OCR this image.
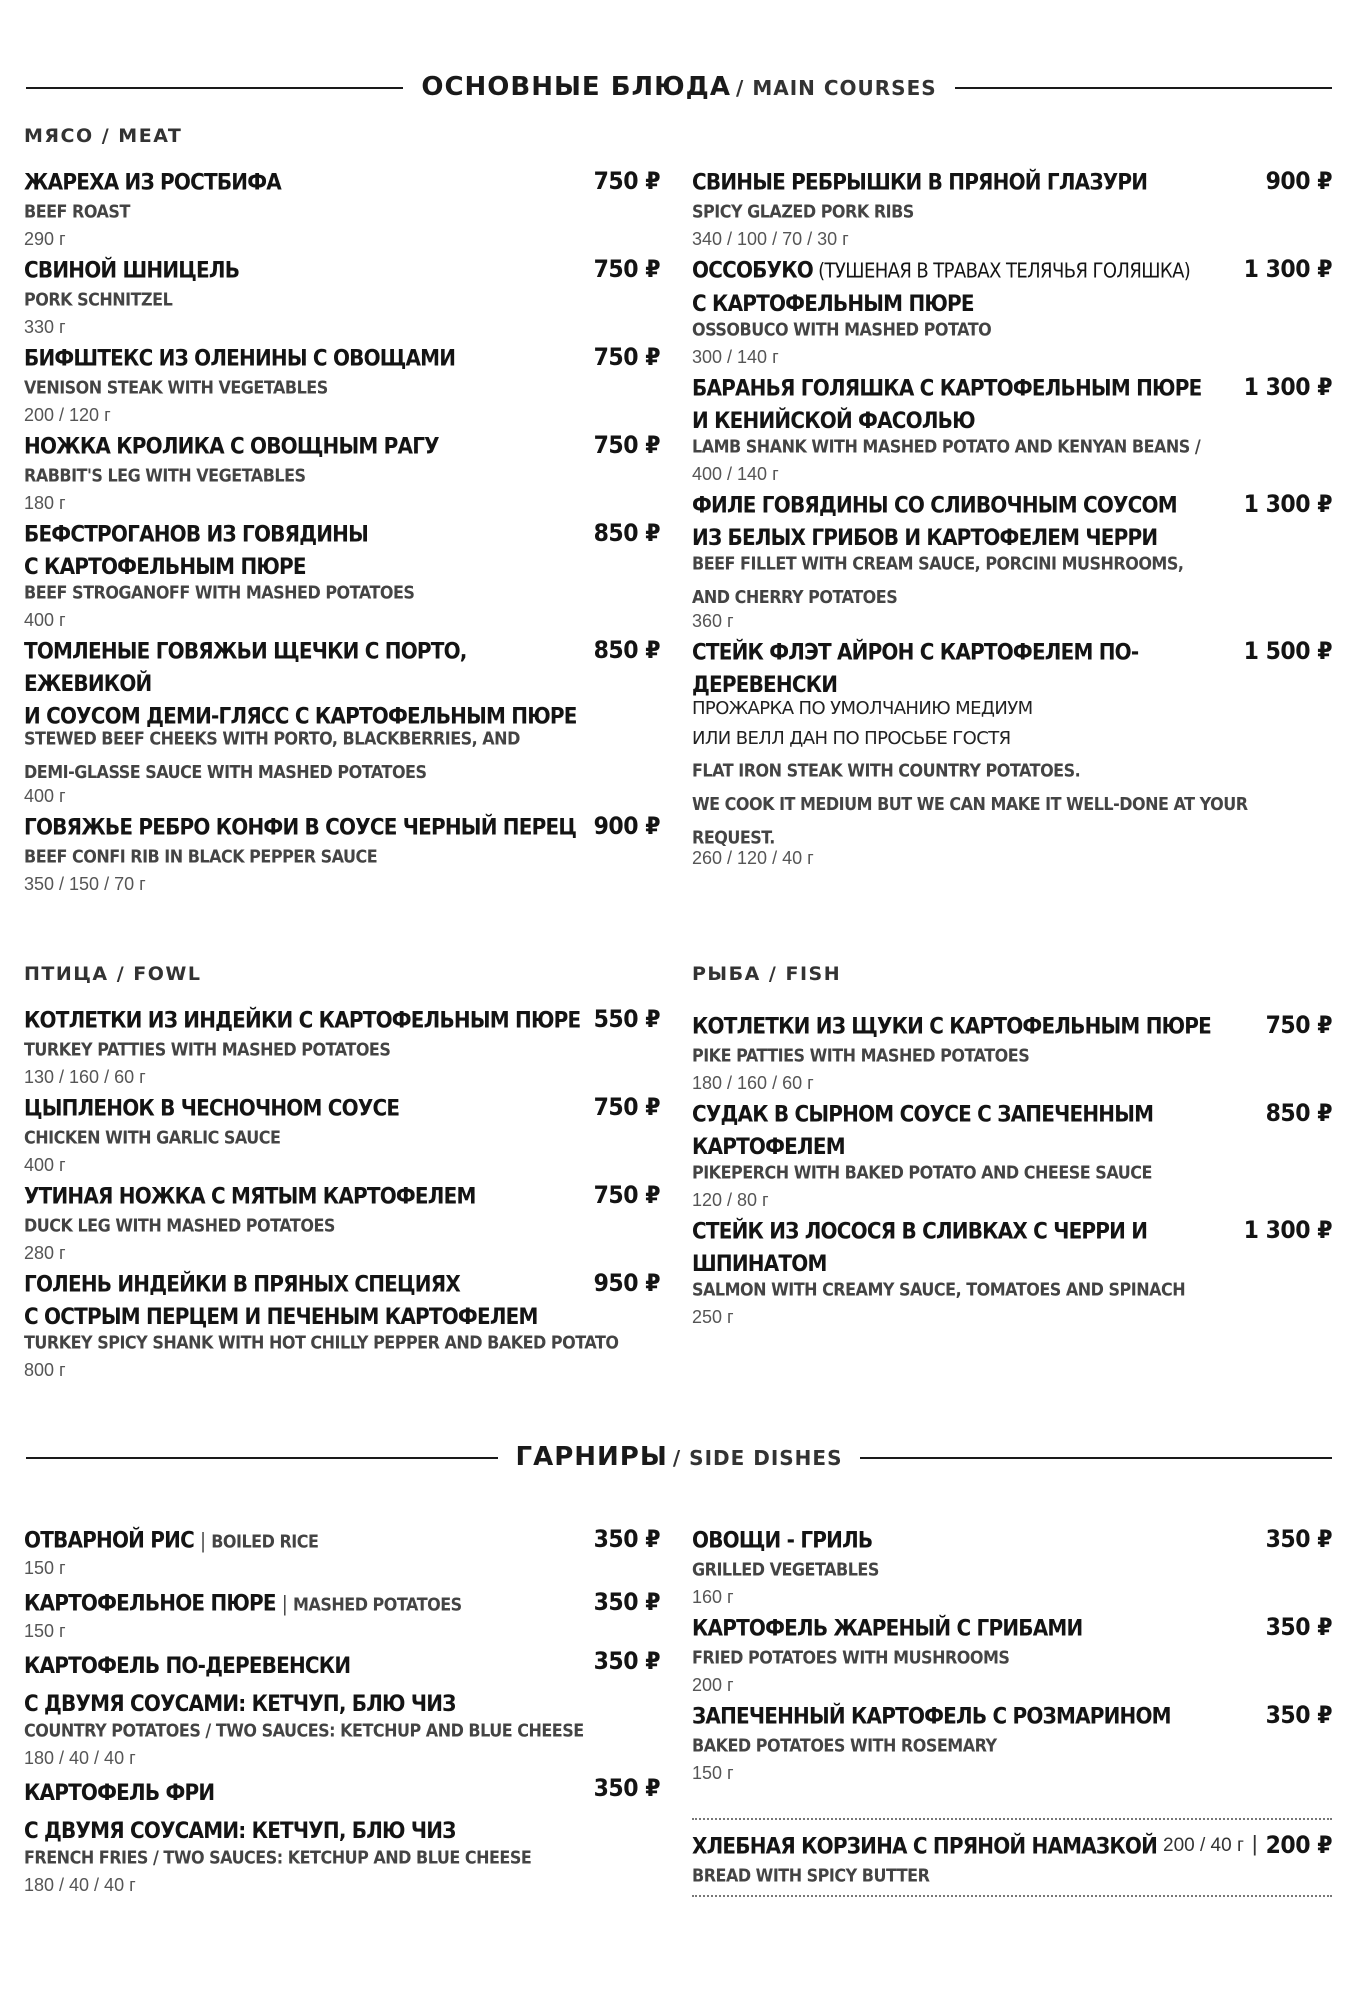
ОСНОВНЫЕ БЛЮДА / MAIN COURSES
МЯСО / MEAT
ЖАРЕХА ИЗ РОСТБИФА	750 ₽
BEEF ROAST
290 г
СВИНОЙ ШНИЦЕЛЬ	750 ₽
PORK SCHNITZEL
330 г
БИФШТЕКС ИЗ ОЛЕНИНЫ С ОВОЩАМИ	750 ₽
VENISON STEAK WITH VEGETABLES
200 / 120 г
НОЖКА КРОЛИКА С ОВОЩНЫМ РАГУ	750 ₽
RABBIT'S LEG WITH VEGETABLES
180 г
БЕФСТРОГАНОВ ИЗ ГОВЯДИНЫ
С КАРТОФЕЛЬНЫМ ПЮРЕ
850 ₽
BEEF STROGANOFF WITH MASHED POTATOES
400 г
ТОМЛЕНЫЕ ГОВЯЖЬИ ЩЕЧКИ С ПОРТО, ЕЖЕВИКОЙ
И СОУСОМ ДЕМИ-ГЛЯСС С КАРТОФЕЛЬНЫМ ПЮРЕ
850 ₽
STEWED BEEF CHEEKS WITH PORTO, BLACKBERRIES, AND
DEMI-GLASSE SAUCE WITH MASHED POTATOES
400 г
ГОВЯЖЬЕ РЕБРО КОНФИ В СОУСЕ ЧЕРНЫЙ ПЕРЕЦ 900 ₽
BEEF CONFI RIB IN BLACK PEPPER SAUCE
350 / 150 / 70 г
СВИНЫЕ РЕБРЫШКИ В ПРЯНОЙ ГЛАЗУРИ	900 ₽
SPICY GLAZED PORK RIBS
340 / 100 / 70 / 30 г
ОССОБУКО (ТУШЕНАЯ В ТРАВАХ ТЕЛЯЧЬЯ ГОЛЯШКА)
С КАРТОФЕЛЬНЫМ ПЮРЕ
1 300 ₽
OSSOBUCO WITH MASHED POTATO
300 / 140 г
БАРАНЬЯ ГОЛЯШКА С КАРТОФЕЛЬНЫМ ПЮРЕ
И КЕНИЙСКОЙ ФАСОЛЬЮ
1 300 ₽
LAMB SHANK WITH MASHED POTATO AND KENYAN BEANS /
400 / 140 г
ФИЛЕ ГОВЯДИНЫ СО СЛИВОЧНЫМ СОУСОМ
ИЗ БЕЛЫХ ГРИБОВ И КАРТОФЕЛЕМ ЧЕРРИ
1 300 ₽
BEEF FILLET WITH CREAM SAUCE, PORCINI MUSHROOMS,
AND CHERRY POTATOES
360 г
СТЕЙК ФЛЭТ АЙРОН С КАРТОФЕЛЕМ ПО-ДЕРЕВЕНСКИ
1 500 ₽
ПРОЖАРКА ПО УМОЛЧАНИЮ МЕДИУМ
ИЛИ ВЕЛЛ ДАН ПО ПРОСЬБЕ ГОСТЯ
FLAT IRON STEAK WITH COUNTRY POTATOES.
WE COOK IT MEDIUM BUT WE CAN MAKE IT WELL-DONE AT YOUR REQUEST.
260 / 120 / 40 г
ПТИЦА / FOWL
КОТЛЕТКИ ИЗ ИНДЕЙКИ С КАРТОФЕЛЬНЫМ ПЮРЕ 550 ₽
TURKEY PATTIES WITH MASHED POTATOES
130 / 160 / 60 г
ЦЫПЛЕНОК В ЧЕСНОЧНОМ СОУСЕ	750 ₽
CHICKEN WITH GARLIC SAUCE
400 г
УТИНАЯ НОЖКА С МЯТЫМ КАРТОФЕЛЕМ	750 ₽
DUCK LEG WITH MASHED POTATOES
280 г
ГОЛЕНЬ ИНДЕЙКИ В ПРЯНЫХ СПЕЦИЯХ
С ОСТРЫМ ПЕРЦЕМ И ПЕЧЕНЫМ КАРТОФЕЛЕМ
950 ₽
TURKEY SPICY SHANK WITH HOT CHILLY PEPPER AND BAKED POTATO
800 г
РЫБА / FISH
КОТЛЕТКИ ИЗ ЩУКИ С КАРТОФЕЛЬНЫМ ПЮРЕ 750 ₽
PIKE PATTIES WITH MASHED POTATOES
180 / 160 / 60 г
СУДАК В СЫРНОМ СОУСЕ С ЗАПЕЧЕННЫМ КАРТОФЕЛЕМ
850 ₽
PIKEPERCH WITH BAKED POTATO AND CHEESE SAUCE
120 / 80 г
СТЕЙК ИЗ ЛОСОСЯ В СЛИВКАХ С ЧЕРРИ И ШПИНАТОМ
1 300 ₽
SALMON WITH CREAMY SAUCE, TOMATOES AND SPINACH
250 г
ГАРНИРЫ / SIDE DISHES
ОТВАРНОЙ РИС | BOILED RICE	350 ₽
150 г
КАРТОФЕЛЬНОЕ ПЮРЕ | MASHED POTATOES	350 ₽
150 г
КАРТОФЕЛЬ ПО-ДЕРЕВЕНСКИ
С ДВУМЯ СОУСАМИ: КЕТЧУП, БЛЮ ЧИЗ
350 ₽
COUNTRY POTATOES / TWO SAUCES: KETCHUP AND BLUE CHEESE
180 / 40 / 40 г
КАРТОФЕЛЬ ФРИ
С ДВУМЯ СОУСАМИ: КЕТЧУП, БЛЮ ЧИЗ
350 ₽
FRENCH FRIES / TWO SAUCES: KETCHUP AND BLUE CHEESE
180 / 40 / 40 г
ОВОЩИ - ГРИЛЬ	350 ₽
GRILLED VEGETABLES
160 г
КАРТОФЕЛЬ ЖАРЕНЫЙ С ГРИБАМИ	350 ₽
FRIED POTATOES WITH MUSHROOMS
200 г
ЗАПЕЧЕННЫЙ КАРТОФЕЛЬ С РОЗМАРИНОМ	350 ₽
BAKED POTATOES WITH ROSEMARY
150 г
ХЛЕБНАЯ КОРЗИНА С ПРЯНОЙ НАМАЗКОЙ 200 / 40 г | 200 ₽
BREAD WITH SPICY BUTTER
